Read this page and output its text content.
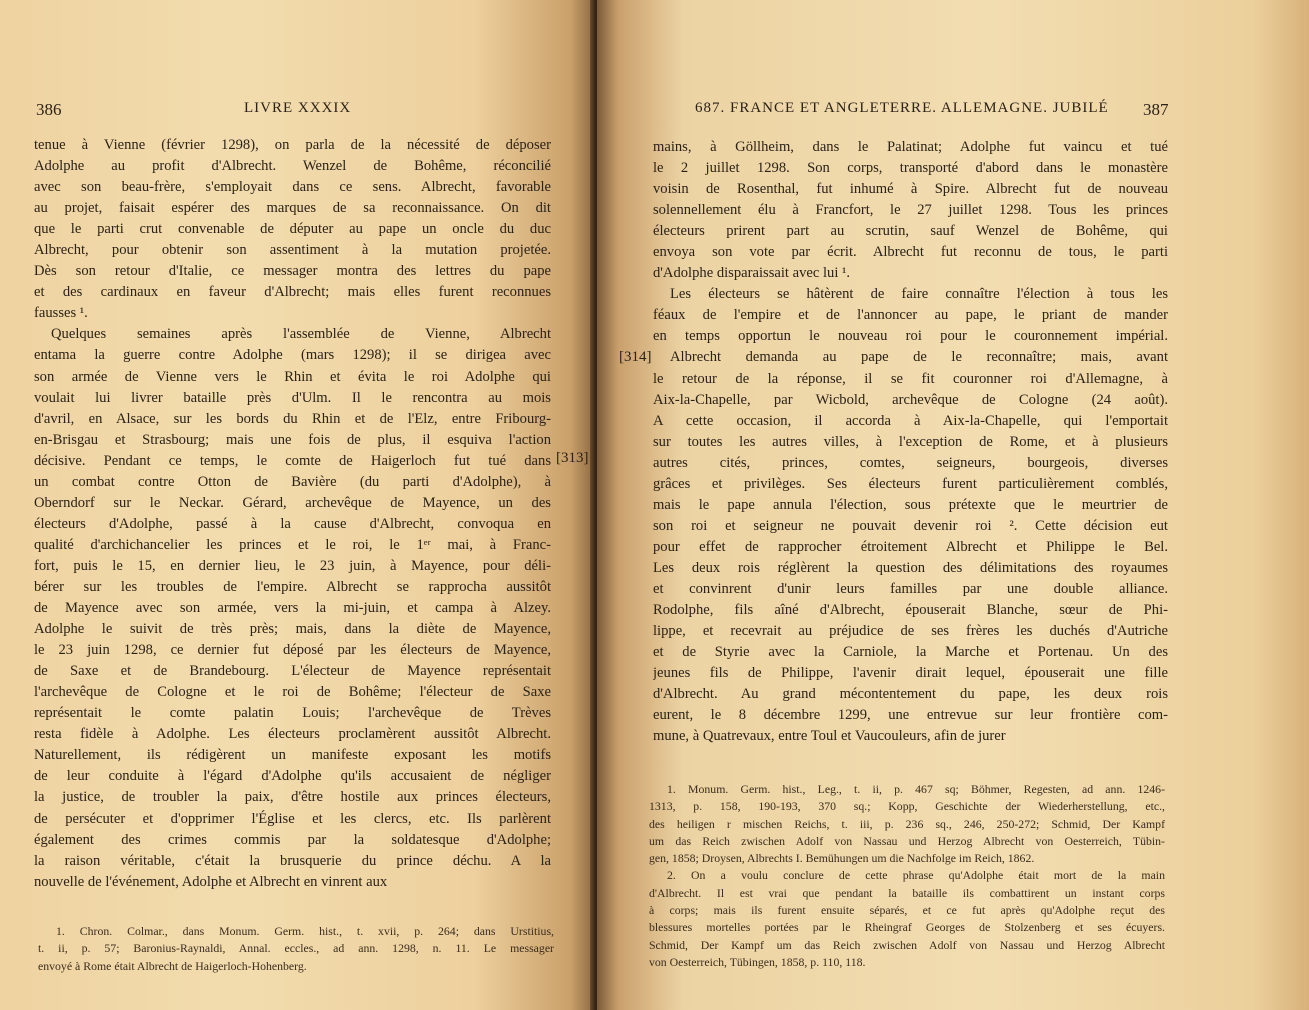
386	LIVRE XXXIX
tenue à Vienne (février 1298), on parla de la nécessité de déposer
Adolphe au profit d'Albrecht. Wenzel de Bohême, réconcilié
avec son beau-frère, s'employait dans ce sens. Albrecht, favorable
au projet, faisait espérer des marques de sa reconnaissance. On dit
que le parti crut convenable de députer au pape un oncle du duc
Albrecht, pour obtenir son assentiment à la mutation projetée.
Dès son retour d'Italie, ce messager montra des lettres du pape
et des cardinaux en faveur d'Albrecht; mais elles furent reconnues
fausses ¹.
Quelques semaines après l'assemblée de Vienne, Albrecht
entama la guerre contre Adolphe (mars 1298); il se dirigea avec
son armée de Vienne vers le Rhin et évita le roi Adolphe qui
voulait lui livrer bataille près d'Ulm. Il le rencontra au mois
d'avril, en Alsace, sur les bords du Rhin et de l'Elz, entre Fribourg-
en-Brisgau et Strasbourg; mais une fois de plus, il esquiva l'action
décisive. Pendant ce temps, le comte de Haigerloch fut tué dans
un combat contre Otton de Bavière (du parti d'Adolphe), à
Oberndorf sur le Neckar. Gérard, archevêque de Mayence, un des
électeurs d'Adolphe, passé à la cause d'Albrecht, convoqua en
qualité d'archichancelier les princes et le roi, le 1ᵉʳ mai, à Franc-
fort, puis le 15, en dernier lieu, le 23 juin, à Mayence, pour déli-
bérer sur les troubles de l'empire. Albrecht se rapprocha aussitôt
de Mayence avec son armée, vers la mi-juin, et campa à Alzey.
Adolphe le suivit de très près; mais, dans la diète de Mayence,
le 23 juin 1298, ce dernier fut déposé par les électeurs de Mayence,
de Saxe et de Brandebourg. L'électeur de Mayence représentait
l'archevêque de Cologne et le roi de Bohême; l'électeur de Saxe
représentait le comte palatin Louis; l'archevêque de Trèves
resta fidèle à Adolphe. Les électeurs proclamèrent aussitôt Albrecht.
Naturellement, ils rédigèrent un manifeste exposant les motifs
de leur conduite à l'égard d'Adolphe qu'ils accusaient de négliger
la justice, de troubler la paix, d'être hostile aux princes électeurs,
de persécuter et d'opprimer l'Église et les clercs, etc. Ils parlèrent
également des crimes commis par la soldatesque d'Adolphe;
la raison véritable, c'était la brusquerie du prince déchu. A la
nouvelle de l'événement, Adolphe et Albrecht en vinrent aux
1. Chron. Colmar., dans Monum. Germ. hist., t. xvii, p. 264; dans Urstitius,
t. ii, p. 57; Baronius-Raynaldi, Annal. eccles., ad ann. 1298, n. 11. Le messager
envoyé à Rome était Albrecht de Haigerloch-Hohenberg.
687. FRANCE ET ANGLETERRE. ALLEMAGNE. JUBILÉ 387
mains, à Göllheim, dans le Palatinat; Adolphe fut vaincu et tué
le 2 juillet 1298. Son corps, transporté d'abord dans le monastère
voisin de Rosenthal, fut inhumé à Spire. Albrecht fut de nouveau
solennellement élu à Francfort, le 27 juillet 1298. Tous les princes
électeurs prirent part au scrutin, sauf Wenzel de Bohême, qui
envoya son vote par écrit. Albrecht fut reconnu de tous, le parti
d'Adolphe disparaissait avec lui ¹.
Les électeurs se hâtèrent de faire connaître l'élection à tous les
féaux de l'empire et de l'annoncer au pape, le priant de mander
en temps opportun le nouveau roi pour le couronnement impérial.
Albrecht demanda au pape de le reconnaître; mais, avant
le retour de la réponse, il se fit couronner roi d'Allemagne, à
Aix-la-Chapelle, par Wicbold, archevêque de Cologne (24 août).
A cette occasion, il accorda à Aix-la-Chapelle, qui l'emportait
sur toutes les autres villes, à l'exception de Rome, et à plusieurs
autres cités, princes, comtes, seigneurs, bourgeois, diverses
grâces et privilèges. Ses électeurs furent particulièrement comblés,
mais le pape annula l'élection, sous prétexte que le meurtrier de
son roi et seigneur ne pouvait devenir roi ². Cette décision eut
pour effet de rapprocher étroitement Albrecht et Philippe le Bel.
Les deux rois réglèrent la question des délimitations des royaumes
et convinrent d'unir leurs familles par une double alliance.
Rodolphe, fils aîné d'Albrecht, épouserait Blanche, sœur de Phi-
lippe, et recevrait au préjudice de ses frères les duchés d'Autriche
et de Styrie avec la Carniole, la Marche et Portenau. Un des
jeunes fils de Philippe, l'avenir dirait lequel, épouserait une fille
d'Albrecht. Au grand mécontentement du pape, les deux rois
eurent, le 8 décembre 1299, une entrevue sur leur frontière com-
mune, à Quatrevaux, entre Toul et Vaucouleurs, afin de jurer
1. Monum. Germ. hist., Leg., t. ii, p. 467 sq; Böhmer, Regesten, ad ann. 1246-
1313, p. 158, 190-193, 370 sq.; Kopp, Geschichte der Wiederherstellung, etc.,
des heiligen r mischen Reichs, t. iii, p. 236 sq., 246, 250-272; Schmid, Der Kampf
um das Reich zwischen Adolf von Nassau und Herzog Albrecht von Oesterreich, Tübin-
gen, 1858; Droysen, Albrechts I. Bemühungen um die Nachfolge im Reich, 1862.
2. On a voulu conclure de cette phrase qu'Adolphe était mort de la main
d'Albrecht. Il est vrai que pendant la bataille ils combattirent un instant corps
à corps; mais ils furent ensuite séparés, et ce fut après qu'Adolphe reçut des
blessures mortelles portées par le Rheingraf Georges de Stolzenberg et ses écuyers.
Schmid, Der Kampf um das Reich zwischen Adolf von Nassau und Herzog Albrecht
von Oesterreich, Tübingen, 1858, p. 110, 118.
[313]
[314]
